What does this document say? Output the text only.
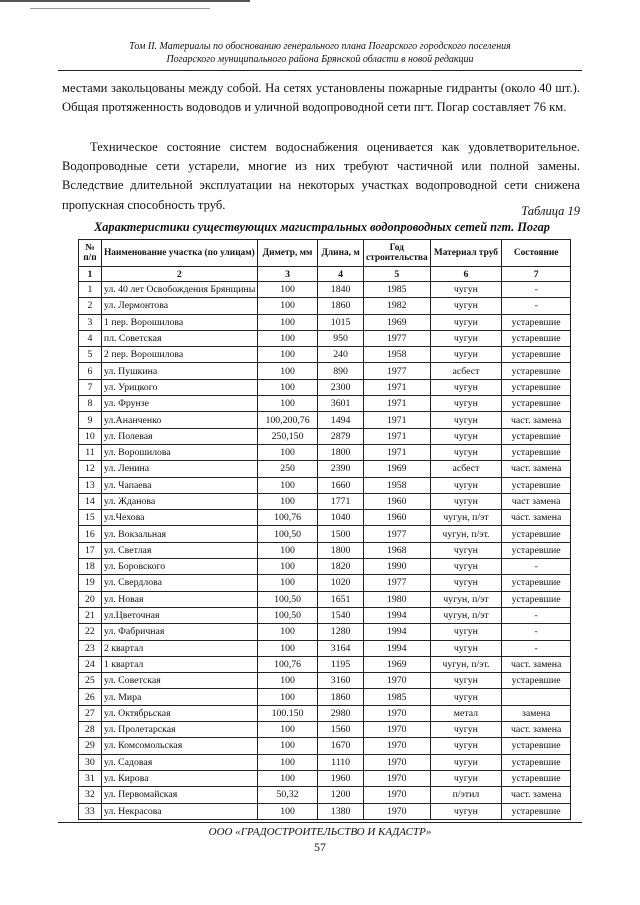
Том II. Материалы по обоснованию генерального плана Погарского городского поселения
Погарского муниципального района Брянской области в новой редакции
местами закольцованы между собой. На сетях установлены пожарные гидранты (около 40 шт.). Общая протяженность водоводов и уличной водопроводной сети пгт. Погар составляет 76 км.
Техническое состояние систем водоснабжения оценивается как удовлетворительное. Водопроводные сети устарели, многие из них требуют частичной или полной замены. Вследствие длительной эксплуатации на некоторых участках водопроводной сети снижена пропускная способность труб.	Таблица 19
Характеристики существующих магистральных водопроводных сетей пгт. Погар
№ п/п	Наименование участка (по улицам)	Диметр, мм	Длина, м	Год строительства	Материал труб	Состояние
1	2	3	4	5	6	7
1	ул. 40 лет Освобождения Брянщины	100	1840	1985	чугун	-
2	ул. Лермонтова	100	1860	1982	чугун	-
3	1 пер. Ворошилова	100	1015	1969	чугун	устаревшие
4	пл. Советская	100	950	1977	чугун	устаревшие
5	2 пер. Ворошилова	100	240	1958	чугун	устаревшие
6	ул. Пушкина	100	890	1977	асбест	устаревшие
7	ул. Урицкого	100	2300	1971	чугун	устаревшие
8	ул. Фрунзе	100	3601	1971	чугун	устаревшие
9	ул.Ананченко	100,200,76	1494	1971	чугун	част. замена
10	ул. Полевая	250,150	2879	1971	чугун	устаревшие
11	ул. Ворошилова	100	1800	1971	чугун	устаревшие
12	ул. Ленина	250	2390	1969	асбест	част. замена
13	ул. Чапаева	100	1660	1958	чугун	устаревшие
14	ул. Жданова	100	1771	1960	чугун	част замена
15	ул.Чехова	100,76	1040	1960	чугун, п/эт	част. замена
16	ул. Вокзальная	100,50	1500	1977	чугун, п/эт.	устаревшие
17	ул. Светлая	100	1800	1968	чугун	устаревшие
18	ул. Боровского	100	1820	1990	чугун	-
19	ул. Свердлова	100	1020	1977	чугун	устаревшие
20	ул. Новая	100,50	1651	1980	чугун, п/эт	устаревшие
21	ул.Цветочная	100,50	1540	1994	чугун, п/эт	-
22	ул. Фабричная	100	1280	1994	чугун	-
23	2 квартал	100	3164	1994	чугун	-
24	1 квартал	100,76	1195	1969	чугун, п/эт.	част. замена
25	ул. Советская	100	3160	1970	чугун	устаревшие
26	ул. Мира	100	1860	1985	чугун	
27	ул. Октябрьская	100.150	2980	1970	метал	замена
28	ул. Пролетарская	100	1560	1970	чугун	част. замена
29	ул. Комсомольская	100	1670	1970	чугун	устаревшие
30	ул. Садовая	100	1110	1970	чугун	устаревшие
31	ул. Кирова	100	1960	1970	чугун	устаревшие
32	ул. Первомайская	50,32	1200	1970	п/этил	част. замена
33	ул. Некрасова	100	1380	1970	чугун	устаревшие
ООО «ГРАДОСТРОИТЕЛЬСТВО И КАДАСТР»
57
